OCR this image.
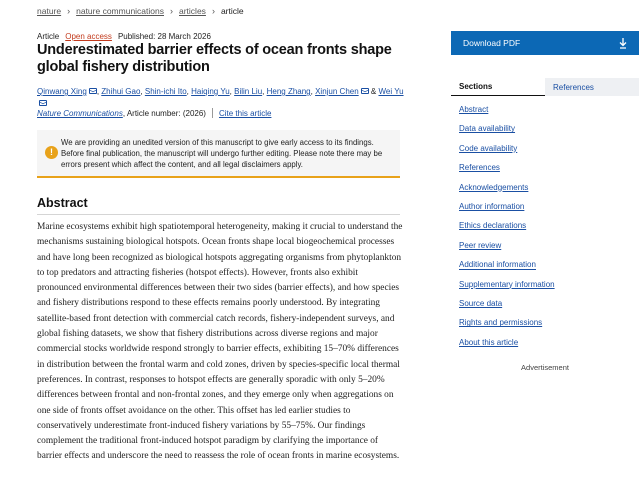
nature › nature communications › articles › article
Article Open access Published: 28 March 2026
Underestimated barrier effects of ocean fronts shape global fishery distribution
Qinwang Xing , Zhihui Gao, Shin-ichi Ito, Haiqing Yu, Bilin Liu, Heng Zhang, Xinjun Chen & Wei Yu
Nature Communications , Article number: (2026) Cite this article
!

We are providing an unedited version of this manuscript to give early access to its findings. Before final publication, the manuscript will undergo further editing. Please note there may be errors present which affect the content, and all legal disclaimers apply.

Abstract

Marine ecosystems exhibit high spatiotemporal heterogeneity, making it crucial to understand the mechanisms sustaining biological hotspots. Ocean fronts shape local biogeochemical processes and have long been recognized as biological hotspots aggregating organisms from phytoplankton to top predators and attracting fisheries (hotspot effects). However, fronts also exhibit pronounced environmental differences between their two sides (barrier effects), and how species and fishery distributions respond to these effects remains poorly understood. By integrating satellite-based front detection with commercial catch records, fishery-independent surveys, and global fishing datasets, we show that fishery distributions across diverse regions and major commercial stocks worldwide respond strongly to barrier effects, exhibiting 15–70% differences in distribution between the frontal warm and cold zones, driven by species-specific local thermal preferences. In contrast, responses to hotspot effects are generally sporadic with only 5–20% differences between frontal and non-frontal zones, and they emerge only when aggregations on one side of fronts offset avoidance on the other. This offset has led earlier studies to conservatively underestimate front-induced fishery variations by 55–75%. Our findings complement the traditional front-induced hotspot paradigm by clarifying the importance of barrier effects and underscore the need to reassess the role of ocean fronts in marine ecosystems.

Download PDF
Sections	References
Abstract
Data availability
Code availability
References
Acknowledgements
Author information
Ethics declarations
Peer review
Additional information
Supplementary information
Source data
Rights and permissions
About this article
Advertisement
